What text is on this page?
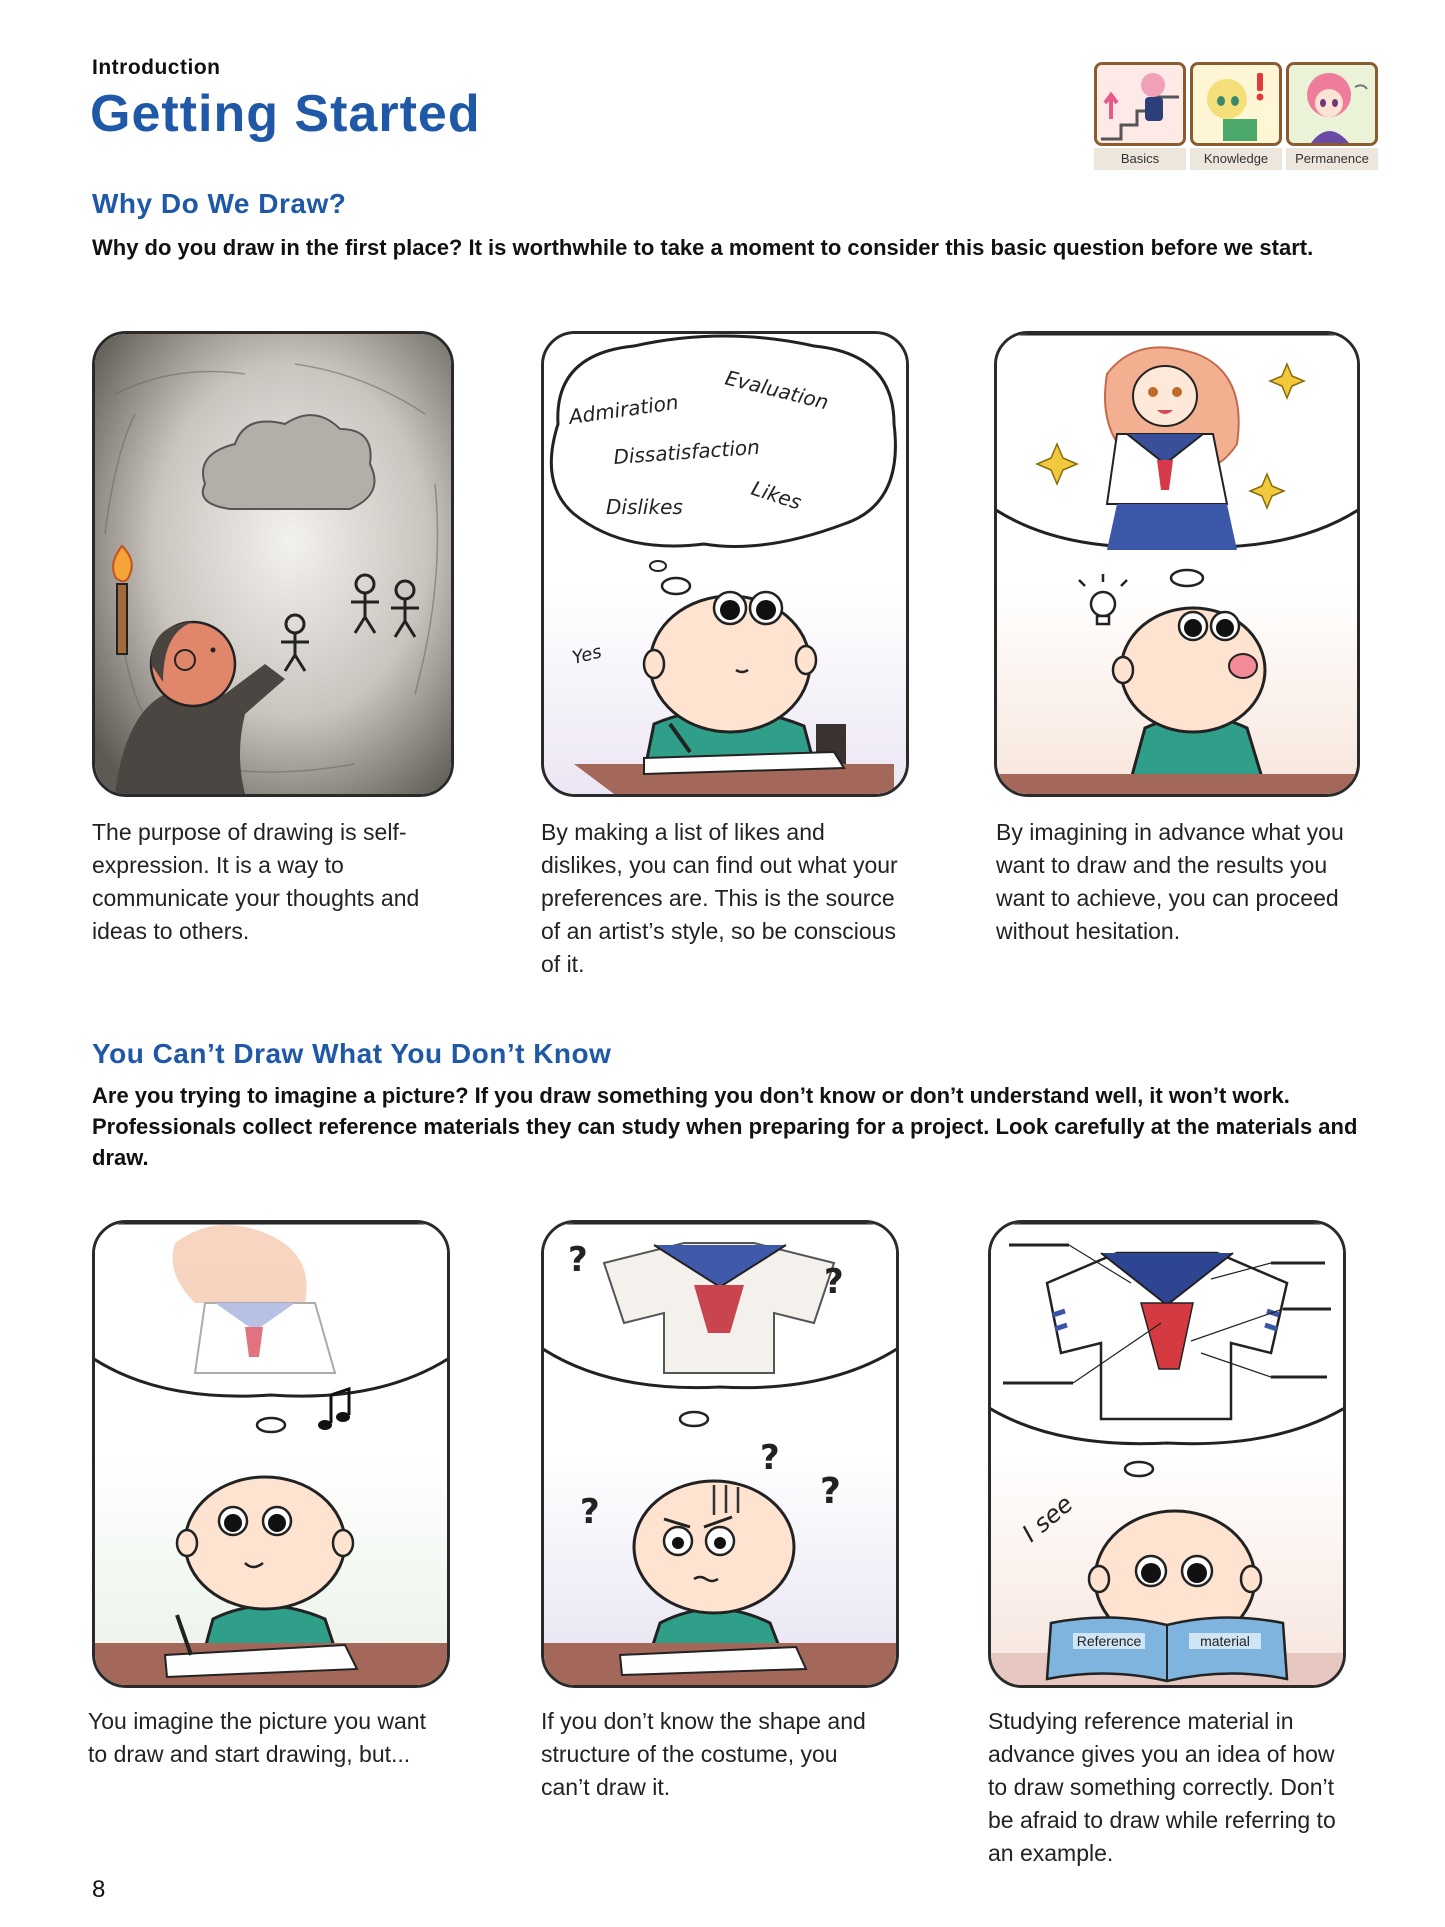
Introduction
Getting Started
Basics	Knowledge	Permanence
Why Do We Draw?
Why do you draw in the first place? It is worthwhile to take a moment to consider this basic question before we start.
Admiration Evaluation
Dissatisfaction
Likes
Dislikes
Yes
The purpose of drawing is self-expression. It is a way to communicate your thoughts and ideas to others.
By making a list of likes and dislikes, you can find out what your preferences are. This is the source of an artist’s style, so be conscious of it.
By imagining in advance what you want to draw and the results you want to achieve, you can proceed without hesitation.
You Can’t Draw What You Don’t Know
Are you trying to imagine a picture? If you draw something you don’t know or don’t understand well, it won’t work. Professionals collect reference materials they can study when preparing for a project. Look carefully at the materials and draw.
?
?
?
?
?	I see
Reference	material
You imagine the picture you want to draw and start drawing, but...
If you don’t know the shape and structure of the costume, you can’t draw it.
Studying reference material in advance gives you an idea of how to draw something correctly. Don’t be afraid to draw while referring to an example.
8
